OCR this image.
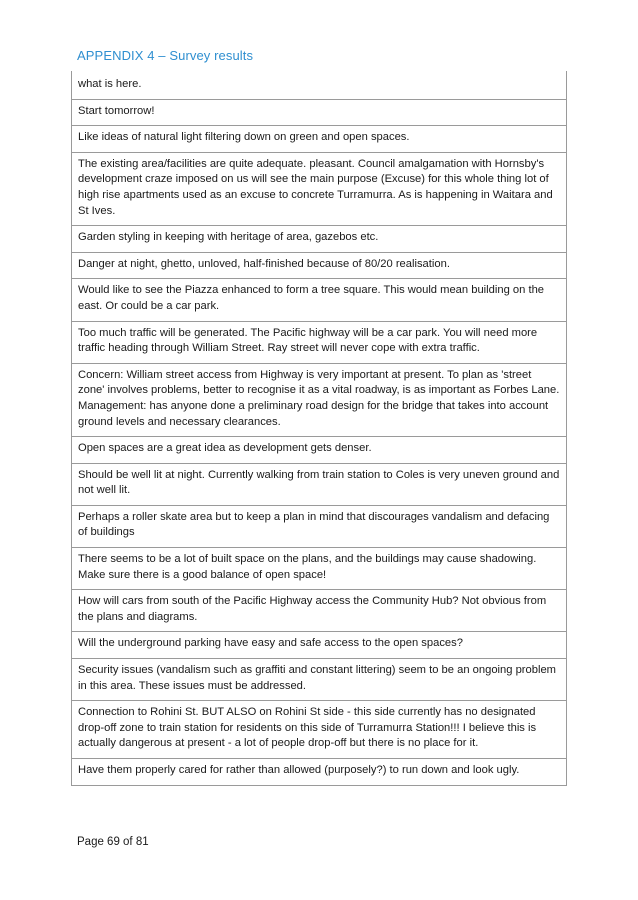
APPENDIX 4 – Survey results
what is here.
Start tomorrow!
Like ideas of natural light filtering down on green and open spaces.
The existing area/facilities are quite adequate. pleasant. Council amalgamation with Hornsby's development craze imposed on us will see the main purpose (Excuse) for this whole thing lot of high rise apartments used as an excuse to concrete Turramurra. As is happening in Waitara and St Ives.
Garden styling in keeping with heritage of area, gazebos etc.
Danger at night, ghetto, unloved, half-finished because of 80/20 realisation.
Would like to see the Piazza enhanced to form a tree square. This would mean building on the east. Or could be a car park.
Too much traffic will be generated. The Pacific highway will be a car park. You will need more traffic heading through William Street. Ray street will never cope with extra traffic.

Concern: William street access from Highway is very important at present. To plan as 'street zone' involves problems, better to recognise it as a vital roadway, is as important as Forbes Lane.

Management: has anyone done a preliminary road design for the bridge that takes into account ground levels and necessary clearances.

Open spaces are a great idea as development gets denser.
Should be well lit at night. Currently walking from train station to Coles is very uneven ground and not well lit.
Perhaps a roller skate area but to keep a plan in mind that discourages vandalism and defacing of buildings
There seems to be a lot of built space on the plans, and the buildings may cause shadowing. Make sure there is a good balance of open space!
How will cars from south of the Pacific Highway access the Community Hub? Not obvious from the plans and diagrams.
Will the underground parking have easy and safe access to the open spaces?
Security issues (vandalism such as graffiti and constant littering) seem to be an ongoing problem in this area. These issues must be addressed.
Connection to Rohini St. BUT ALSO on Rohini St side - this side currently has no designated drop-off zone to train station for residents on this side of Turramurra Station!!! I believe this is actually dangerous at present - a lot of people drop-off but there is no place for it.
Have them properly cared for rather than allowed (purposely?) to run down and look ugly.
Page 69 of 81
